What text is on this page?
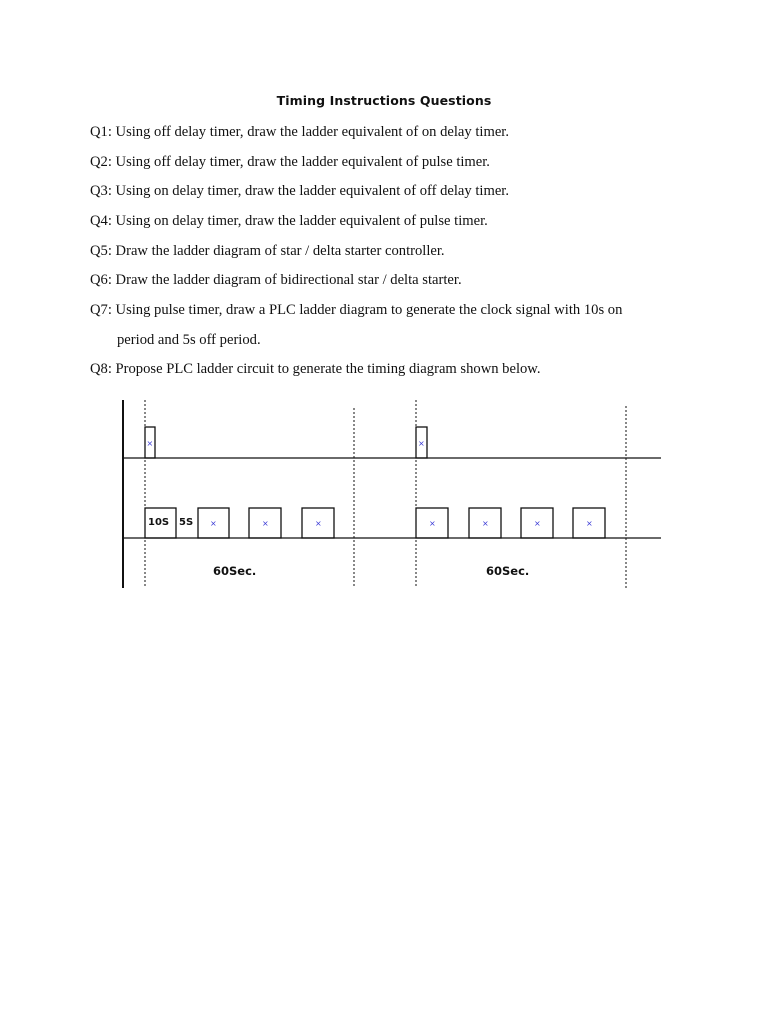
Timing Instructions Questions
Q1: Using off delay timer, draw the ladder equivalent of on delay timer.
Q2: Using off delay timer, draw the ladder equivalent of pulse timer.
Q3: Using on delay timer, draw the ladder equivalent of off delay timer.
Q4: Using on delay timer, draw the ladder equivalent of pulse timer.
Q5: Draw the ladder diagram of star / delta starter controller.
Q6: Draw the ladder diagram of bidirectional star / delta starter.
Q7: Using pulse timer, draw a PLC ladder diagram to generate the clock signal with 10s on
period and 5s off period.
Q8: Propose PLC ladder circuit to generate the timing diagram shown below.
×	×
10S 5S ×	×	×	×	×	×	×
60Sec.	60Sec.
